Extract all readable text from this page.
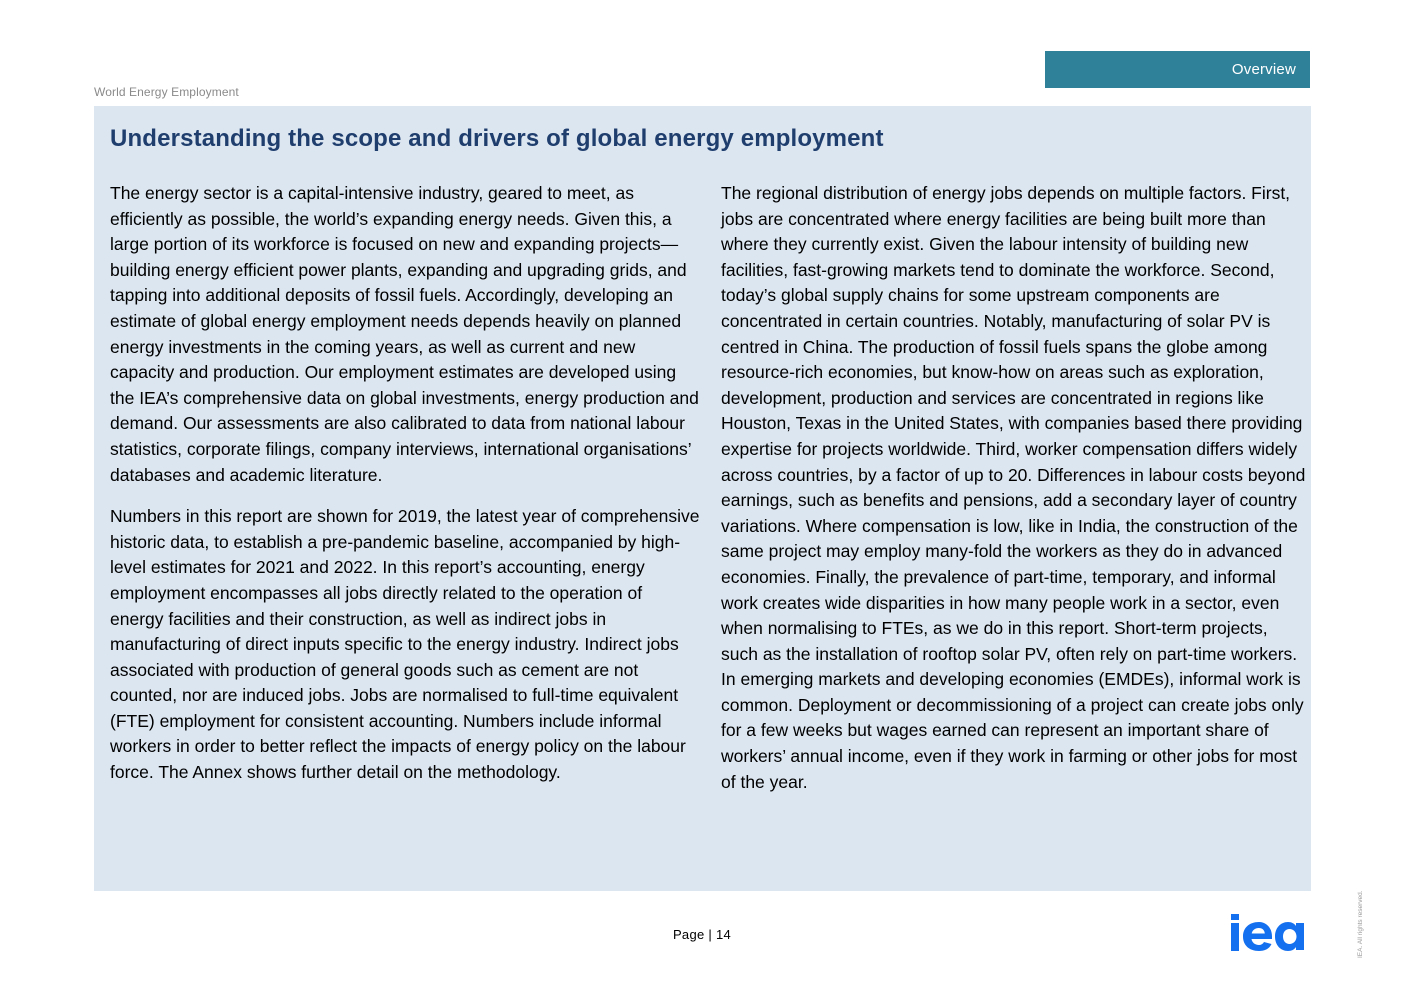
Overview
World Energy Employment
Understanding the scope and drivers of global energy employment

The energy sector is a capital-intensive industry, geared to meet, as efficiently as possible, the world’s expanding energy needs. Given this, a large portion of its workforce is focused on new and expanding projects—building energy efficient power plants, expanding and upgrading grids, and tapping into additional deposits of fossil fuels. Accordingly, developing an estimate of global energy employment needs depends heavily on planned energy investments in the coming years, as well as current and new capacity and production. Our employment estimates are developed using the IEA’s comprehensive data on global investments, energy production and demand. Our assessments are also calibrated to data from national labour statistics, corporate filings, company interviews, international organisations’ databases and academic literature.

Numbers in this report are shown for 2019, the latest year of comprehensive historic data, to establish a pre-pandemic baseline, accompanied by high-level estimates for 2021 and 2022. In this report’s accounting, energy employment encompasses all jobs directly related to the operation of energy facilities and their construction, as well as indirect jobs in manufacturing of direct inputs specific to the energy industry. Indirect jobs associated with production of general goods such as cement are not counted, nor are induced jobs. Jobs are normalised to full-time equivalent (FTE) employment for consistent accounting. Numbers include informal workers in order to better reflect the impacts of energy policy on the labour force. The Annex shows further detail on the methodology.

The regional distribution of energy jobs depends on multiple factors. First, jobs are concentrated where energy facilities are being built more than where they currently exist. Given the labour intensity of building new facilities, fast-growing markets tend to dominate the workforce. Second, today’s global supply chains for some upstream components are concentrated in certain countries. Notably, manufacturing of solar PV is centred in China. The production of fossil fuels spans the globe among resource-rich economies, but know-how on areas such as exploration, development, production and services are concentrated in regions like Houston, Texas in the United States, with companies based there providing expertise for projects worldwide. Third, worker compensation differs widely across countries, by a factor of up to 20. Differences in labour costs beyond earnings, such as benefits and pensions, add a secondary layer of country variations. Where compensation is low, like in India, the construction of the same project may employ many-fold the workers as they do in advanced economies. Finally, the prevalence of part-time, temporary, and informal work creates wide disparities in how many people work in a sector, even when normalising to FTEs, as we do in this report. Short-term projects, such as the installation of rooftop solar PV, often rely on part-time workers. In emerging markets and developing economies (EMDEs), informal work is common. Deployment or decommissioning of a project can create jobs only for a few weeks but wages earned can represent an important share of workers’ annual income, even if they work in farming or other jobs for most of the year.

Page | 14	IEA. All rights reserved.
